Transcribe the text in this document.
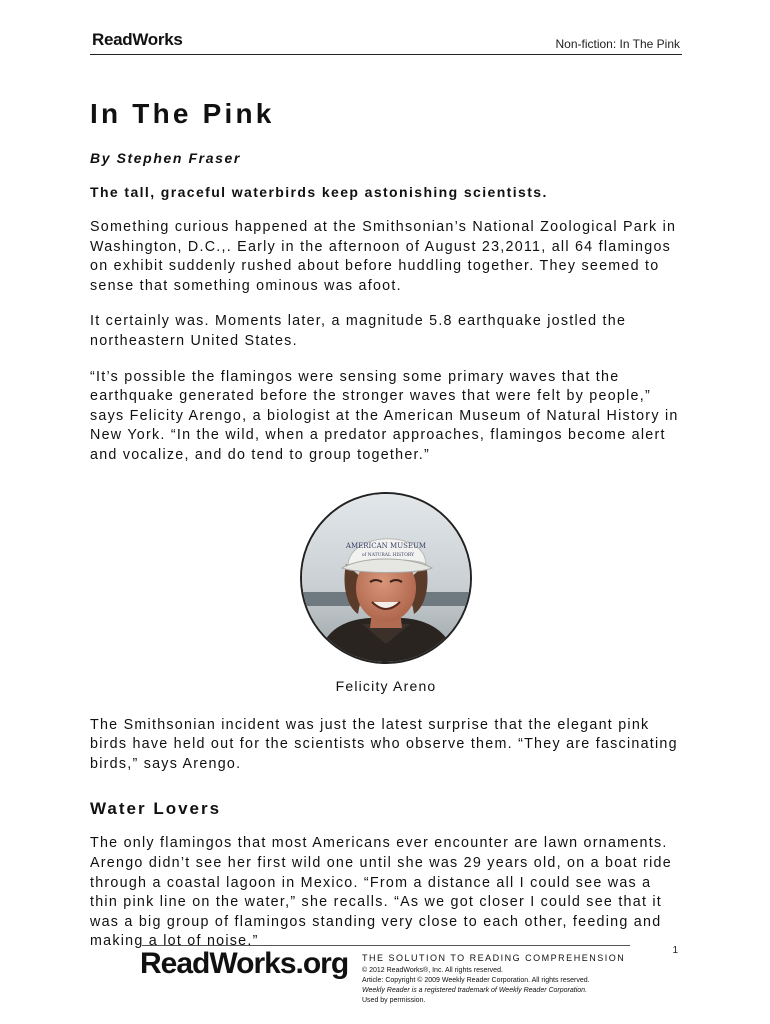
ReadWorks	Non-fiction: In The Pink
In The Pink
By Stephen Fraser
The tall, graceful waterbirds keep astonishing scientists.

Something curious happened at the Smithsonian’s National Zoological Park in Washington, D.C.,. Early in the afternoon of August 23,2011, all 64 flamingos on exhibit suddenly rushed about before huddling together. They seemed to sense that something ominous was afoot.

It certainly was. Moments later, a magnitude 5.8 earthquake jostled the northeastern United States.

“It’s possible the flamingos were sensing some primary waves that the earthquake generated before the stronger waves that were felt by people,” says Felicity Arengo, a biologist at the American Museum of Natural History in New York. “In the wild, when a predator approaches, flamingos become alert and vocalize, and do tend to group together.”

AMERICAN MUSEUM
of NATURAL HISTORY
Felicity Areno

The Smithsonian incident was just the latest surprise that the elegant pink birds have held out for the scientists who observe them. “They are fascinating birds,” says Arengo.

Water Lovers

The only flamingos that most Americans ever encounter are lawn ornaments. Arengo didn’t see her first wild one until she was 29 years old, on a boat ride through a coastal lagoon in Mexico. “From a distance all I could see was a thin pink line on the water,” she recalls. “As we got closer I could see that it was a big group of flamingos standing very close to each other, feeding and making a lot of noise.”

1
ReadWorks.org THE SOLUTION TO READING COMPREHENSION
© 2012 ReadWorks®, Inc. All rights reserved.
Article: Copyright © 2009 Weekly Reader Corporation. All rights reserved.
Weekly Reader is a registered trademark of Weekly Reader Corporation.
Used by permission.
